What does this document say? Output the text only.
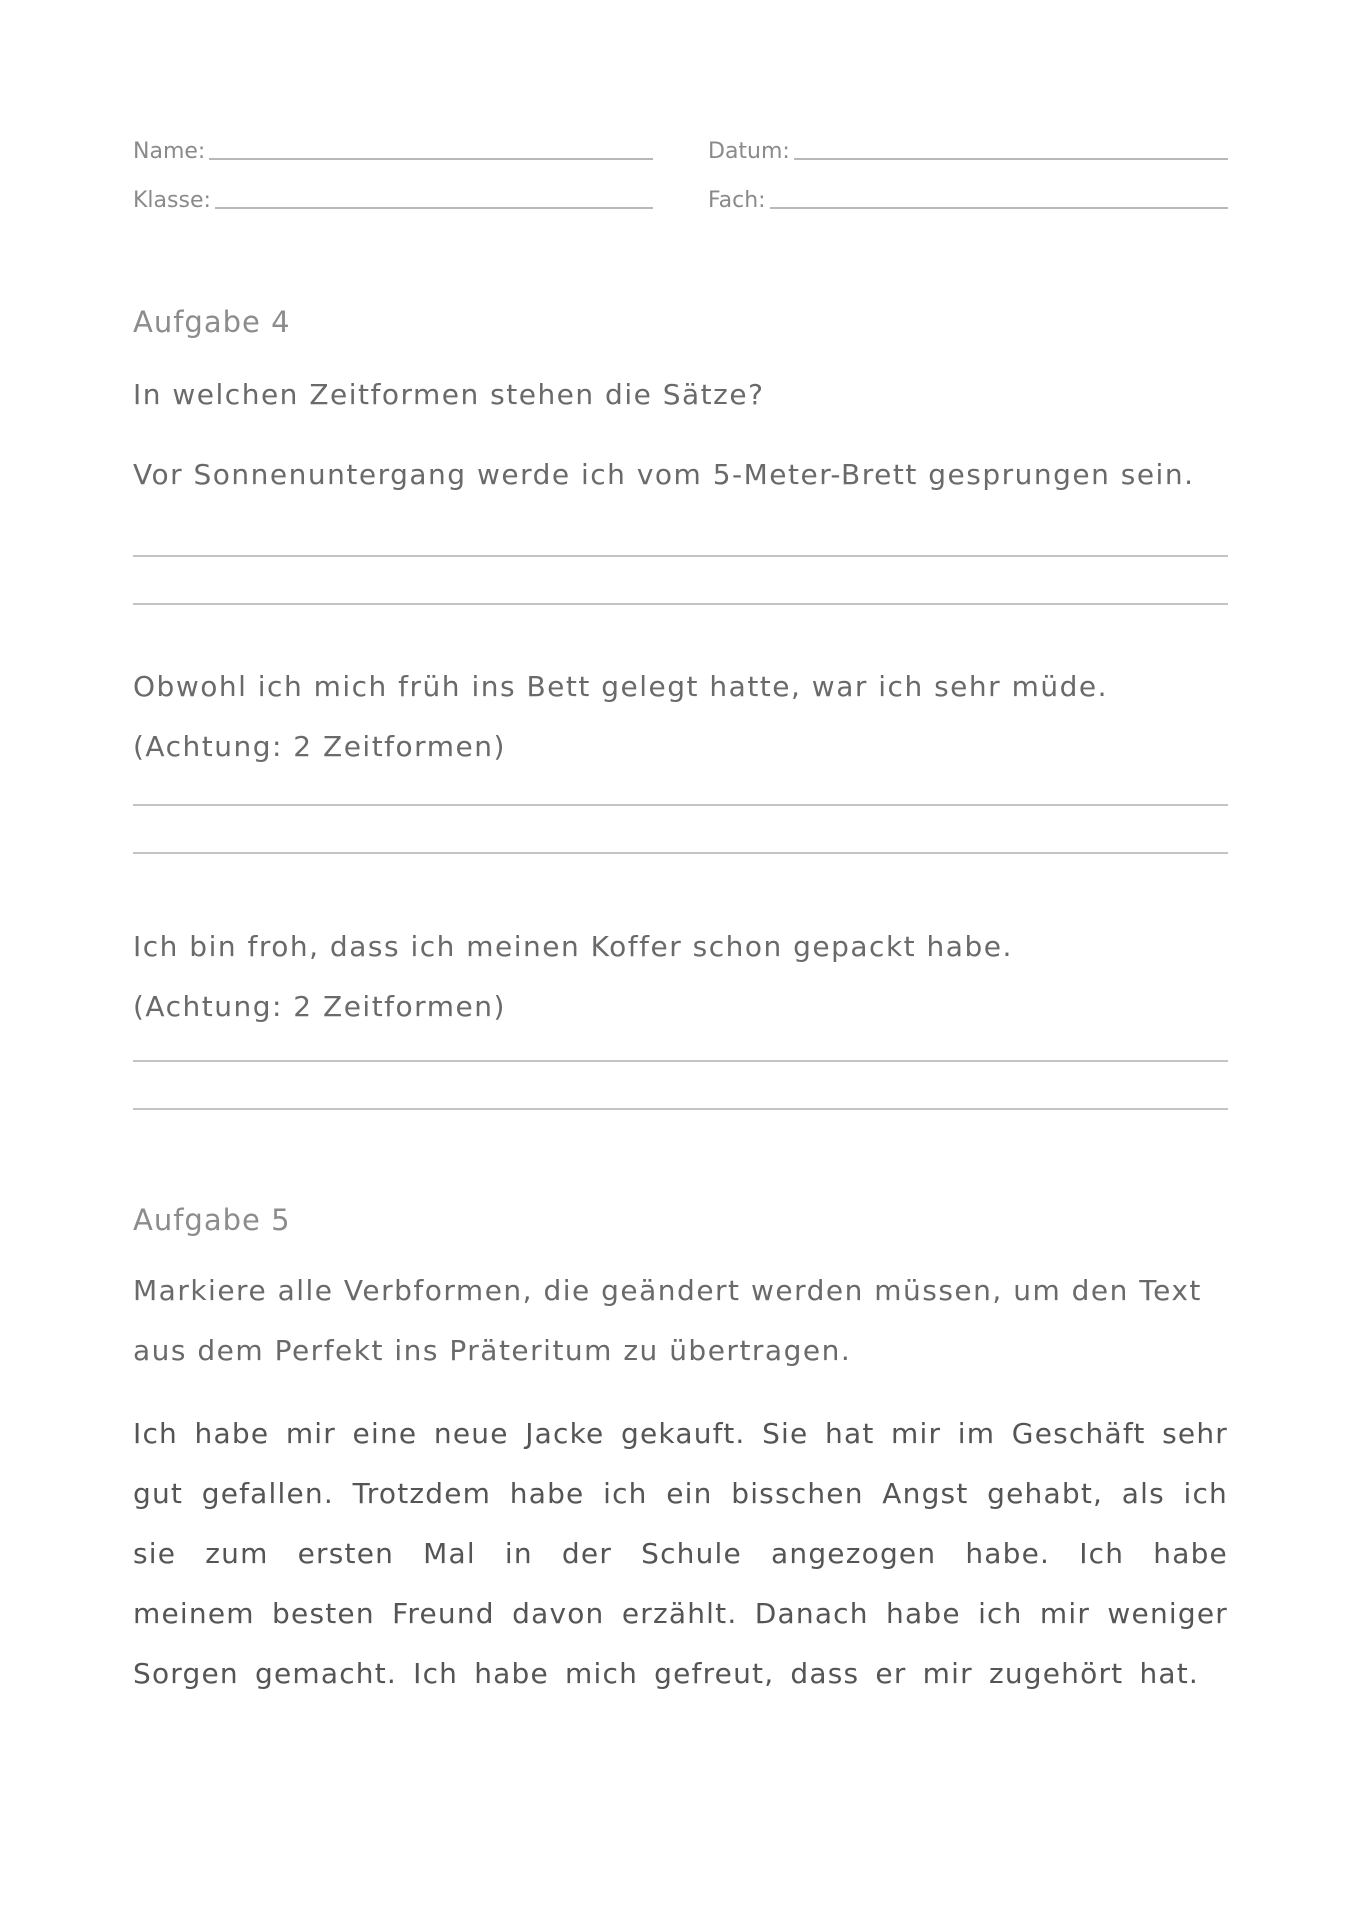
Name:	Datum:
Klasse:	Fach:
Aufgabe 4
In welchen Zeitformen stehen die Sätze?
Vor Sonnenuntergang werde ich vom 5-Meter-Brett gesprungen sein.
Obwohl ich mich früh ins Bett gelegt hatte, war ich sehr müde.
(Achtung: 2 Zeitformen)
Ich bin froh, dass ich meinen Koffer schon gepackt habe.
(Achtung: 2 Zeitformen)
Aufgabe 5
Markiere alle Verbformen, die geändert werden müssen, um den Text
aus dem Perfekt ins Präteritum zu übertragen.
Ich habe mir eine neue Jacke gekauft. Sie hat mir im Geschäft sehr gut gefallen. Trotzdem habe ich ein bisschen Angst gehabt, als ich sie zum ersten Mal in der Schule angezogen habe. Ich habe meinem besten Freund davon erzählt. Danach habe ich mir weniger Sorgen gemacht. Ich habe mich gefreut, dass er mir zugehört hat.
